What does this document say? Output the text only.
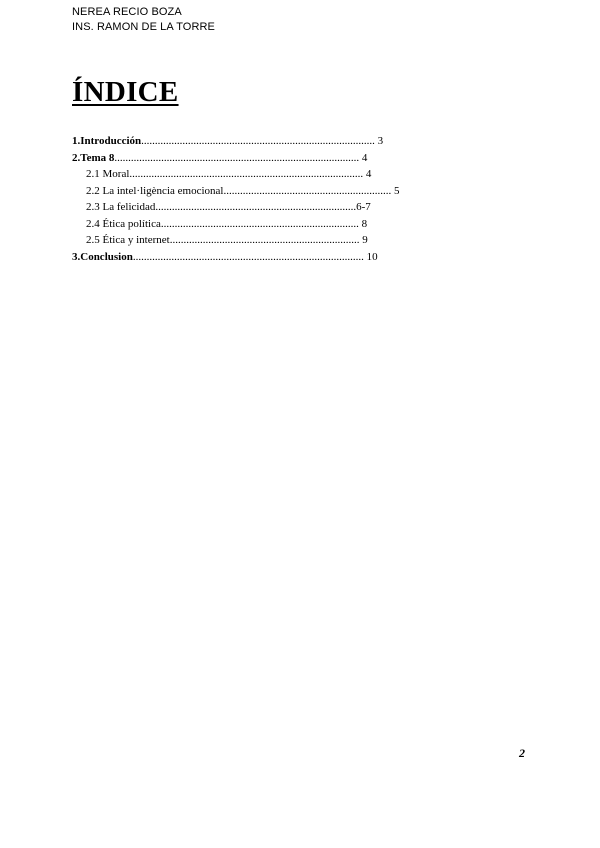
NEREA RECIO BOZA
INS. RAMON DE LA TORRE
ÍNDICE
1.Introducción..................................................................................... 3
2.Tema 8......................................................................................... 4
2.1 Moral..................................................................................... 4
2.2 La intel·ligència emocional............................................................. 5
2.3 La felicidad.........................................................................6-7
2.4 Ética política........................................................................ 8
2.5 Ética y internet..................................................................... 9
3.Conclusion.................................................................................... 10
2
